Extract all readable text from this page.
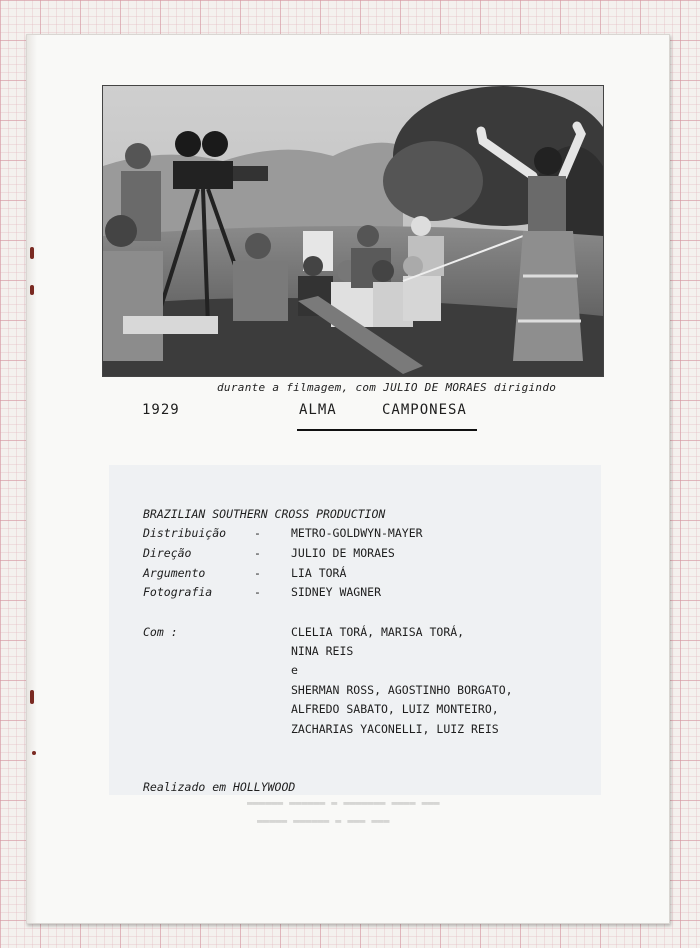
durante a filmagem, com JULIO DE MORAES dirigindo
1929	ALMA	CAMPONESA
BRAZILIAN SOUTHERN CROSS PRODUCTION
Distribuição -	METRO-GOLDWYN-MAYER
Direção	-	JULIO DE MORAES
Argumento	-	LIA TORÁ
Fotografia	-	SIDNEY WAGNER
Com :	CLELIA TORÁ, MARISA TORÁ,
NINA REIS
e
SHERMAN ROSS, AGOSTINHO BORGATO,
ALFREDO SABATO, LUIZ MONTEIRO,
ZACHARIAS YACONELLI, LUIZ REIS
Realizado em HOLLYWOOD
▬▬▬ ▬▬▬▬ ▬▬▬▬▬▬▬ ▬ ▬▬▬▬▬▬ ▬▬▬▬▬▬
▬▬▬ ▬▬▬ ▬ ▬▬▬▬▬▬ ▬▬▬▬▬
